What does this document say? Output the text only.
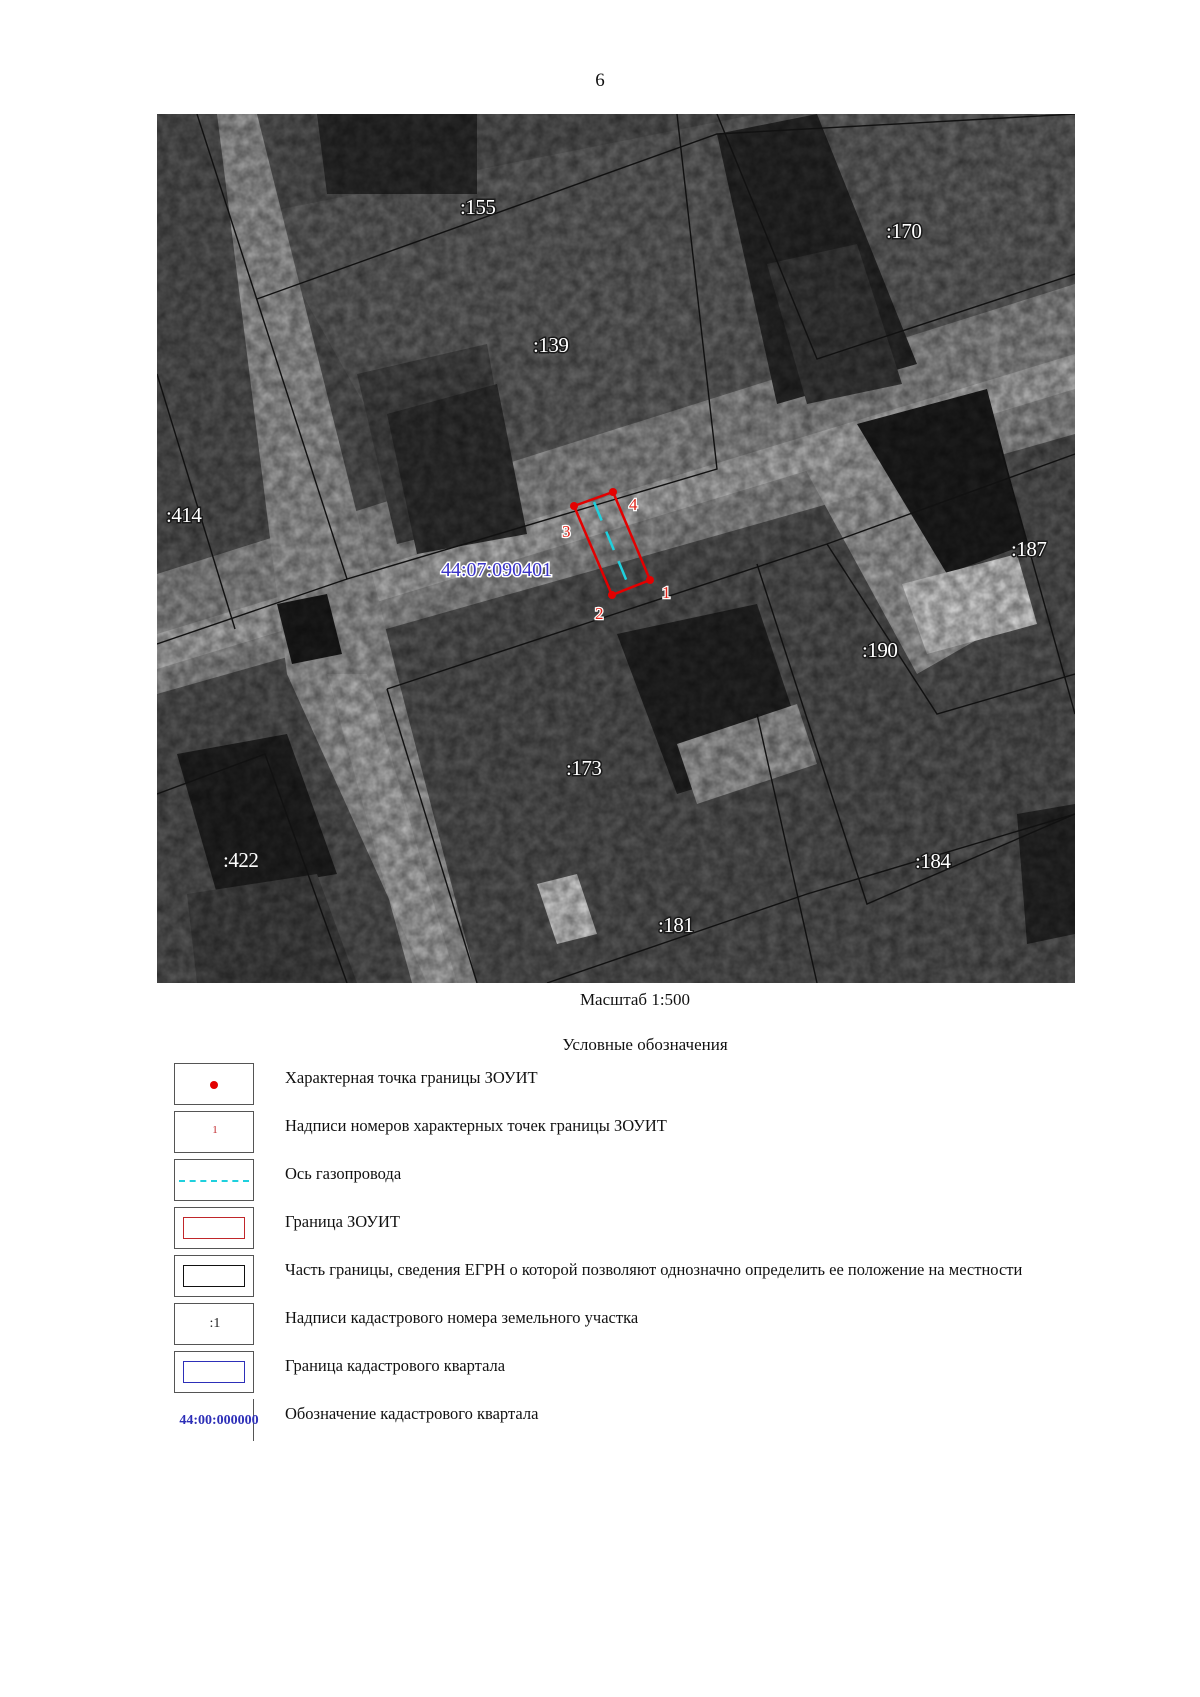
6
:155
:170
:139
:414
:187
:190
:173
:422	:184
:181
44:07:090401
1
2
3
4
Масштаб 1:500
Условные обозначения
Характерная точка границы ЗОУИТ
1	Надписи номеров характерных точек границы ЗОУИТ
Ось газопровода
Граница ЗОУИТ
Часть границы, сведения ЕГРН о которой позволяют однозначно определить ее положение на местности
:1	Надписи кадастрового номера земельного участка
Граница кадастрового квартала
44:00:000000	Обозначение кадастрового квартала
